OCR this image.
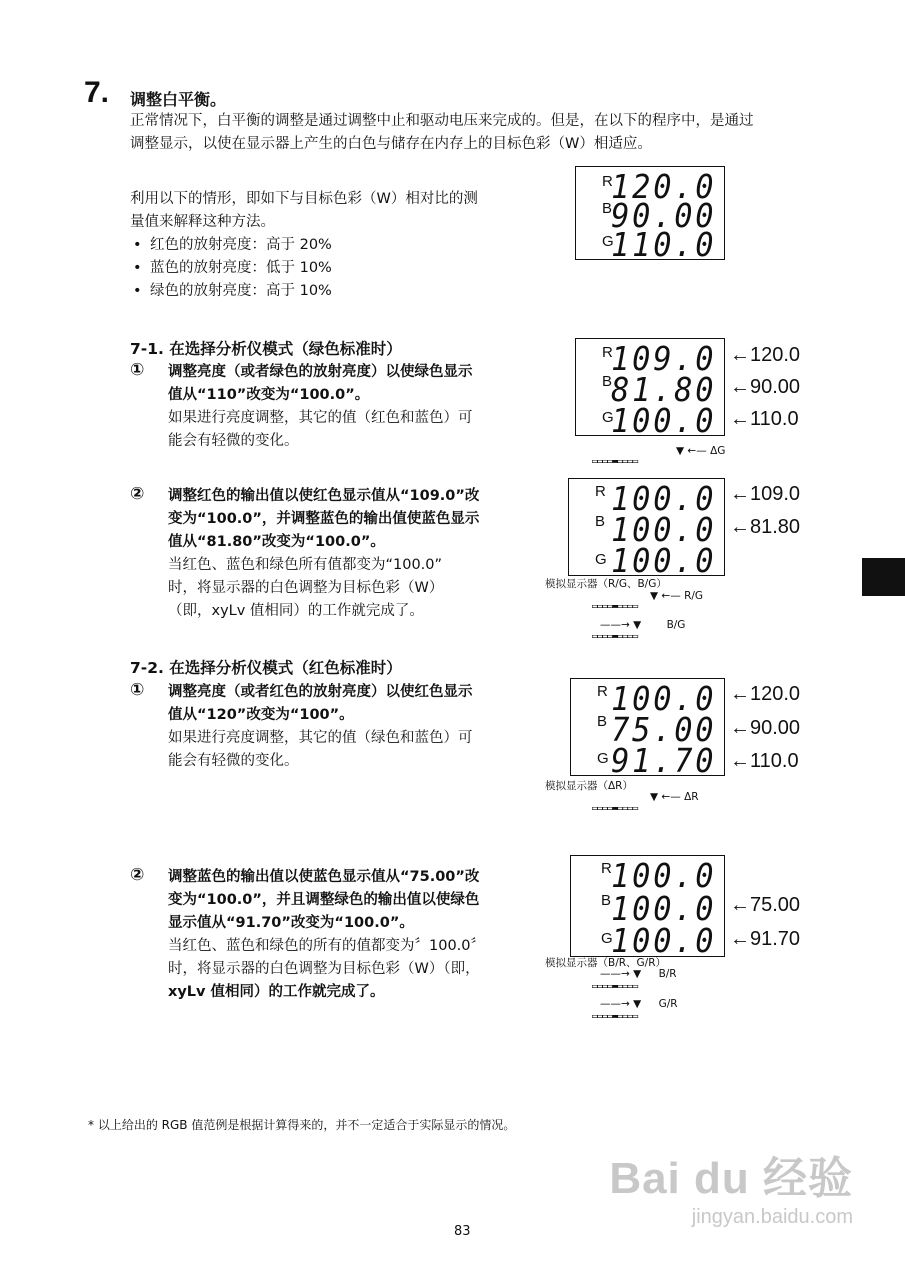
7. 调整白平衡。
正常情况下，白平衡的调整是通过调整中止和驱动电压来完成的。但是，在以下的程序中，是通过
调整显示，以使在显示器上产生的白色与储存在内存上的目标色彩（W）相适应。
利用以下的情形，即如下与目标色彩（W）相对比的测
量值来解释这种方法。
• 红色的放射亮度：高于 20%
• 蓝色的放射亮度：低于 10%
• 绿色的放射亮度：高于 10%
7-1. 在选择分析仪模式（绿色标准时）
① 调整亮度（或者绿色的放射亮度）以使绿色显示
值从“110”改变为“100.0”。
如果进行亮度调整，其它的值（红色和蓝色）可
能会有轻微的变化。
② 调整红色的输出值以使红色显示值从“109.0”改
变为“100.0”，并调整蓝色的输出值使蓝色显示
值从“81.80”改变为“100.0”。
当红色、蓝色和绿色所有值都变为“100.0”
时，将显示器的白色调整为目标色彩（W）
（即，xyLv 值相同）的工作就完成了。
7-2. 在选择分析仪模式（红色标准时）
① 调整亮度（或者红色的放射亮度）以使红色显示
值从“120”改变为“100”。
如果进行亮度调整，其它的值（绿色和蓝色）可
能会有轻微的变化。
② 调整蓝色的输出值以使蓝色显示值从“75.00”改
变为“100.0”，并且调整绿色的输出值以使绿色
显示值从“91.70”改变为“100.0”。
当红色、蓝色和绿色的所有的值都变为〞100.0〞
时，将显示器的白色调整为目标色彩（W）（即，
xyLv 值相同）的工作就完成了。
R
B
G
120.0
90.00
110.0
R
B
G
109.0
81.80
100.0
←120.0
←90.00
←110.0
▼ ←— ΔG
▭▭▭▭▬▭▭▭▭
R
B
G
100.0
100.0
100.0
←109.0
←81.80
模拟显示器（R/G、B/G）
▼ ←— R/G
▭▭▭▭▬▭▭▭▭
——→ ▼ B/G
▭▭▭▭▬▭▭▭▭
R
B
G
100.0
75.00
91.70
←120.0
←90.00
←110.0
模拟显示器（ΔR）
▼ ←— ΔR
▭▭▭▭▬▭▭▭▭
R
B
G
100.0
100.0
100.0
←75.00
←91.70
模拟显示器（B/R、G/R）
——→ ▼ B/R
▭▭▭▭▬▭▭▭▭
——→ ▼ G/R
▭▭▭▭▬▭▭▭▭
* 以上给出的 RGB 值范例是根据计算得来的，并不一定适合于实际显示的情况。
83
Bai du 经验
jingyan.baidu.com
